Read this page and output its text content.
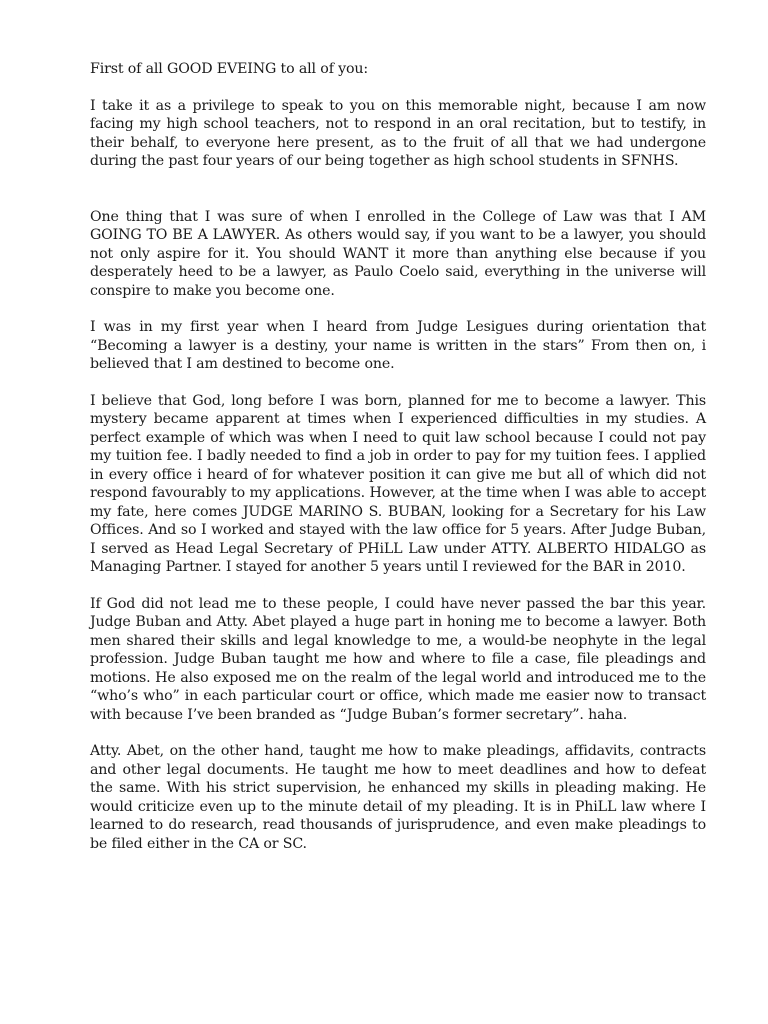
First of all GOOD EVEING to all of you:

I take it as a privilege to speak to you on this memorable night, because I am now facing my high school teachers, not to respond in an oral recitation, but to testify, in their behalf, to everyone here present, as to the fruit of all that we had undergone during the past four years of our being together as high school students in SFNHS.

One thing that I was sure of when I enrolled in the College of Law was that I AM GOING TO BE A LAWYER. As others would say, if you want to be a lawyer, you should not only aspire for it. You should WANT it more than anything else because if you desperately heed to be a lawyer, as Paulo Coelo said, everything in the universe will conspire to make you become one.

I was in my first year when I heard from Judge Lesigues during orientation that “Becoming a lawyer is a destiny, your name is written in the stars” From then on, i believed that I am destined to become one.

I believe that God, long before I was born, planned for me to become a lawyer. This mystery became apparent at times when I experienced difficulties in my studies. A perfect example of which was when I need to quit law school because I could not pay my tuition fee. I badly needed to find a job in order to pay for my tuition fees. I applied in every office i heard of for whatever position it can give me but all of which did not respond favourably to my applications. However, at the time when I was able to accept my fate, here comes JUDGE MARINO S. BUBAN, looking for a Secretary for his Law Offices. And so I worked and stayed with the law office for 5 years. After Judge Buban, I served as Head Legal Secretary of PHiLL Law under ATTY. ALBERTO HIDALGO as Managing Partner. I stayed for another 5 years until I reviewed for the BAR in 2010.

If God did not lead me to these people, I could have never passed the bar this year. Judge Buban and Atty. Abet played a huge part in honing me to become a lawyer. Both men shared their skills and legal knowledge to me, a would-be neophyte in the legal profession. Judge Buban taught me how and where to file a case, file pleadings and motions. He also exposed me on the realm of the legal world and introduced me to the “who’s who” in each particular court or office, which made me easier now to transact with because I’ve been branded as “Judge Buban’s former secretary”. haha.

Atty. Abet, on the other hand, taught me how to make pleadings, affidavits, contracts and other legal documents. He taught me how to meet deadlines and how to defeat the same. With his strict supervision, he enhanced my skills in pleading making. He would criticize even up to the minute detail of my pleading. It is in PhiLL law where I learned to do research, read thousands of jurisprudence, and even make pleadings to be filed either in the CA or SC.
